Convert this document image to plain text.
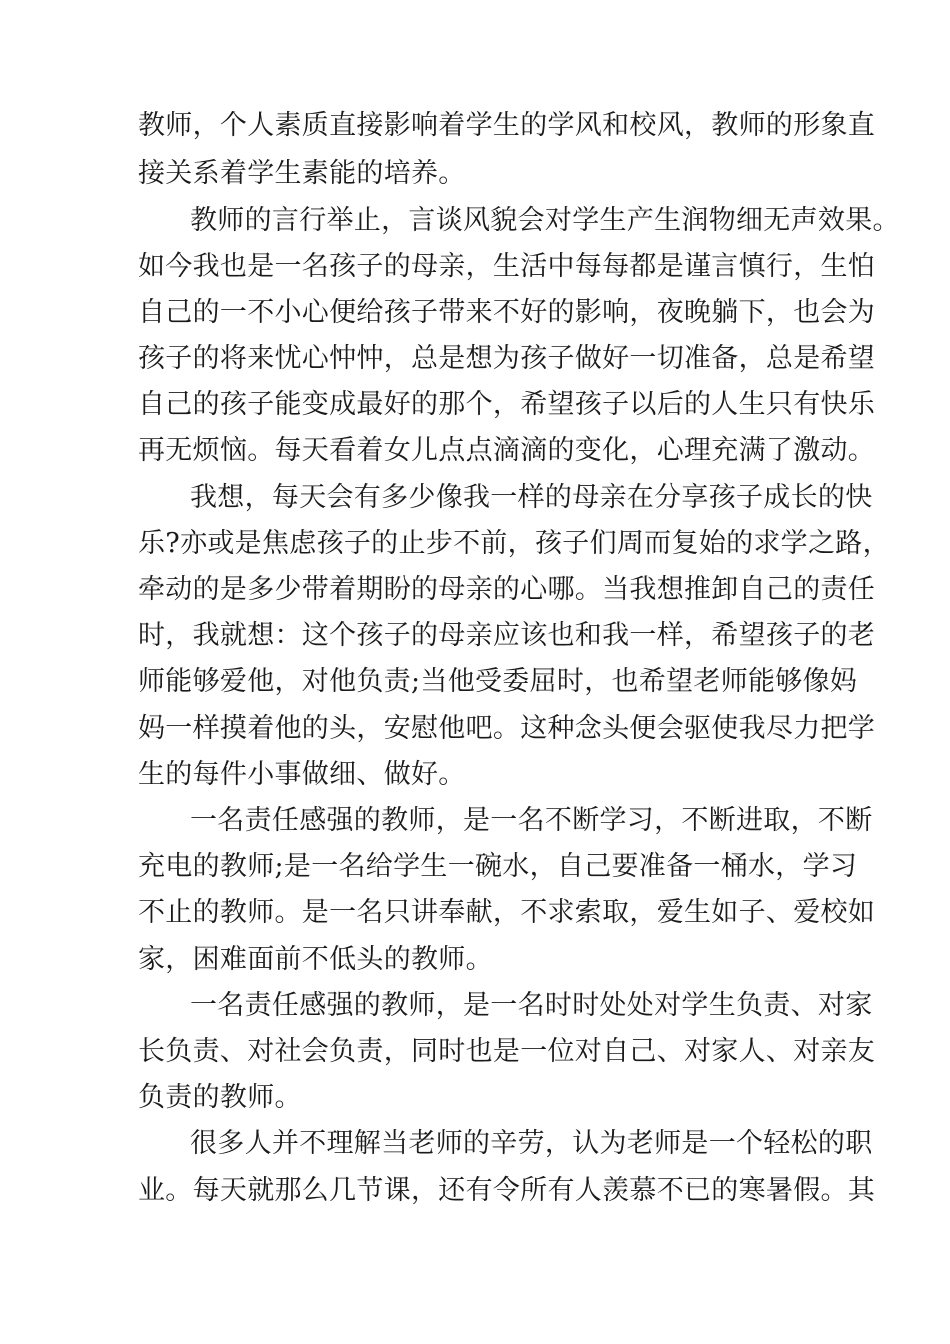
教师，个人素质直接影响着学生的学风和校风，教师的形象直
接关系着学生素能的培养。
教师的言行举止，言谈风貌会对学生产生润物细无声效果。
如今我也是一名孩子的母亲，生活中每每都是谨言慎行，生怕
自己的一不小心便给孩子带来不好的影响，夜晚躺下，也会为
孩子的将来忧心忡忡，总是想为孩子做好一切准备，总是希望
自己的孩子能变成最好的那个，希望孩子以后的人生只有快乐
再无烦恼。每天看着女儿点点滴滴的变化，心理充满了激动。
我想，每天会有多少像我一样的母亲在分享孩子成长的快
乐?亦或是焦虑孩子的止步不前，孩子们周而复始的求学之路，
牵动的是多少带着期盼的母亲的心哪。当我想推卸自己的责任
时，我就想：这个孩子的母亲应该也和我一样，希望孩子的老
师能够爱他，对他负责;当他受委屈时，也希望老师能够像妈
妈一样摸着他的头，安慰他吧。这种念头便会驱使我尽力把学
生的每件小事做细、做好。
一名责任感强的教师，是一名不断学习，不断进取，不断
充电的教师;是一名给学生一碗水，自己要准备一桶水，学习
不止的教师。是一名只讲奉献，不求索取，爱生如子、爱校如
家，困难面前不低头的教师。
一名责任感强的教师，是一名时时处处对学生负责、对家
长负责、对社会负责，同时也是一位对自己、对家人、对亲友
负责的教师。
很多人并不理解当老师的辛劳，认为老师是一个轻松的职
业。每天就那么几节课，还有令所有人羡慕不已的寒暑假。其
